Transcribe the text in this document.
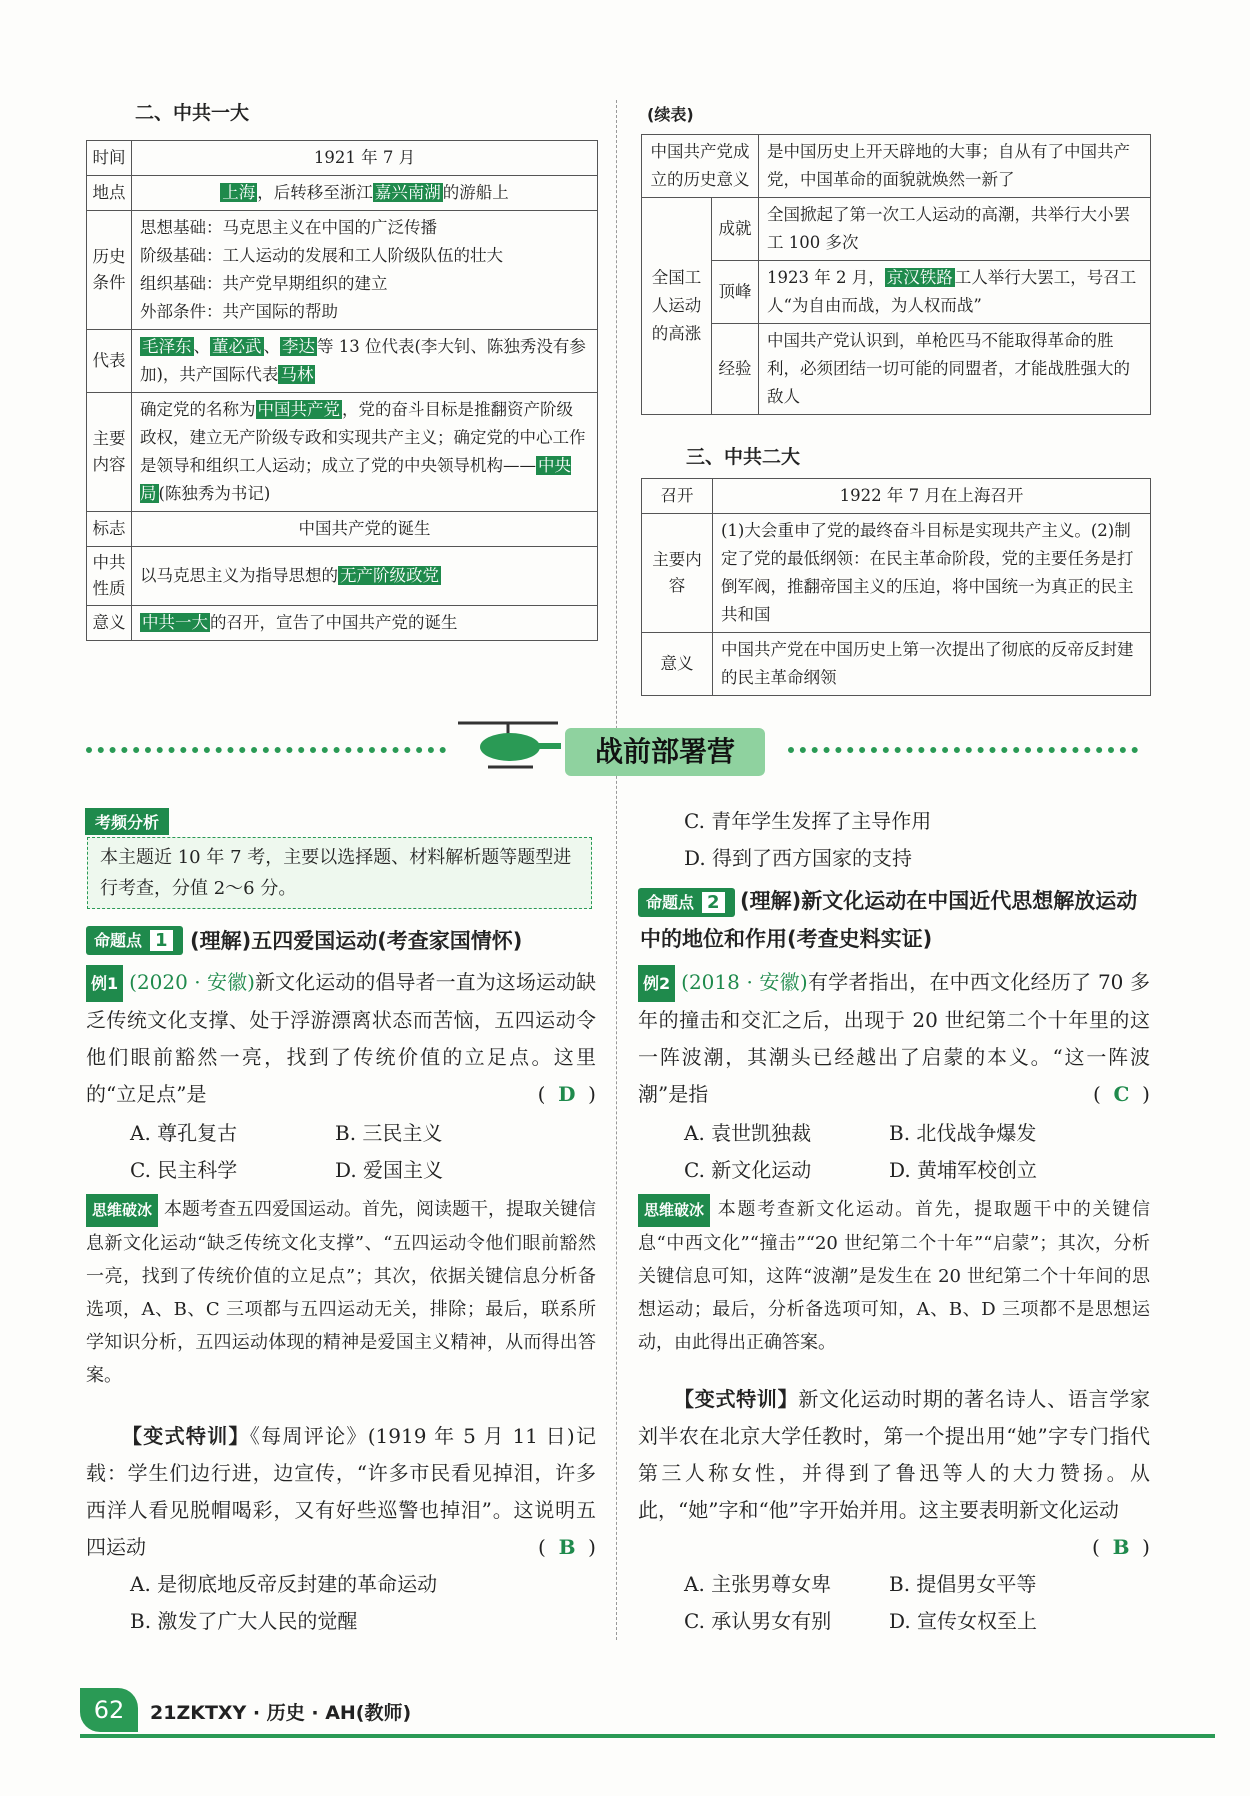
二、中共一大
时间	1921 年 7 月
地点	上海 ，后转移至浙江 嘉兴南湖 的游船上
历史条件	思想基础：马克思主义在中国的广泛传播
阶级基础：工人运动的发展和工人阶级队伍的壮大
组织基础：共产党早期组织的建立
外部条件：共产国际的帮助

代表	毛泽东 、 董必武 、 李达 等 13 位代表(李大钊、陈独秀没有参加)，共产国际代表 马林
主要内容	确定党的名称为 中国共产党 ，党的奋斗目标是推翻资产阶级政权，建立无产阶级专政和实现共产主义；确定党的中心工作是领导和组织工人运动；成立了党的中央领导机构—— 中央局 (陈独秀为书记)
标志	中国共产党的诞生
中共性质	以马克思主义为指导思想的 无产阶级政党
意义	中共一大 的召开，宣告了中国共产党的诞生
(续表)
中国共产党成立的历史意义		是中国历史上开天辟地的大事；自从有了中国共产党，中国革命的面貌就焕然一新了
全国工人运动的高涨	成就	全国掀起了第一次工人运动的高潮，共举行大小罢工 100 多次
	顶峰	1923 年 2 月， 京汉铁路 工人举行大罢工，号召工人“为自由而战，为人权而战”
	经验	中国共产党认识到，单枪匹马不能取得革命的胜利，必须团结一切可能的同盟者，才能战胜强大的敌人
三、中共二大
召开	1922 年 7 月在上海召开
主要内容	(1)大会重申了党的最终奋斗目标是实现共产主义。(2)制定了党的最低纲领：在民主革命阶段，党的主要任务是打倒军阀，推翻帝国主义的压迫，将中国统一为真正的民主共和国
意义	中国共产党在中国历史上第一次提出了彻底的反帝反封建的民主革命纲领
战前部署营
考频分析
本主题近 10 年 7 考，主要以选择题、材料解析题等题型进行考查，分值 2～6 分。
命题点 1	(理解)五四爱国运动(考查家国情怀)
例1 (2020 · 安徽)新文化运动的倡导者一直为这场运动缺乏传统文化支撑、处于浮游漂离状态而苦恼，五四运动令他们眼前豁然一亮，找到了传统价值的立足点。这里的“立足点”是	(  D  )
A. 尊孔复古	B. 三民主义
C. 民主科学	D. 爱国主义
思维破冰 本题考查五四爱国运动。首先，阅读题干，提取关键信息新文化运动“缺乏传统文化支撑”、“五四运动令他们眼前豁然一亮，找到了传统价值的立足点”；其次，依据关键信息分析备选项，A、B、C 三项都与五四运动无关，排除；最后，联系所学知识分析，五四运动体现的精神是爱国主义精神，从而得出答案。
【变式特训】《每周评论》(1919 年 5 月 11 日)记载：学生们边行进，边宣传，“许多市民看见掉泪，许多西洋人看见脱帽喝彩，又有好些巡警也掉泪”。这说明五四运动	(  B  )
A. 是彻底地反帝反封建的革命运动
B. 激发了广大人民的觉醒
C. 青年学生发挥了主导作用
D. 得到了西方国家的支持
命题点 2 (理解)新文化运动在中国近代思想解放运动中的地位和作用(考查史料实证)
例2 (2018 · 安徽)有学者指出，在中西文化经历了 70 多年的撞击和交汇之后，出现于 20 世纪第二个十年里的这一阵波潮，其潮头已经越出了启蒙的本义。“这一阵波潮”是指	(  C  )
A. 袁世凯独裁	B. 北伐战争爆发
C. 新文化运动	D. 黄埔军校创立
思维破冰 本题考查新文化运动。首先，提取题干中的关键信息“中西文化”“撞击”“20 世纪第二个十年”“启蒙”；其次，分析关键信息可知，这阵“波潮”是发生在 20 世纪第二个十年间的思想运动；最后，分析备选项可知，A、B、D 三项都不是思想运动，由此得出正确答案。
【变式特训】新文化运动时期的著名诗人、语言学家刘半农在北京大学任教时，第一个提出用“她”字专门指代第三人称女性，并得到了鲁迅等人的大力赞扬。从此，“她”字和“他”字开始并用。这主要表明新文化运动
(  B  )
A. 主张男尊女卑	B. 提倡男女平等
C. 承认男女有别	D. 宣传女权至上
62	21ZKTXY · 历史 · AH(教师)
